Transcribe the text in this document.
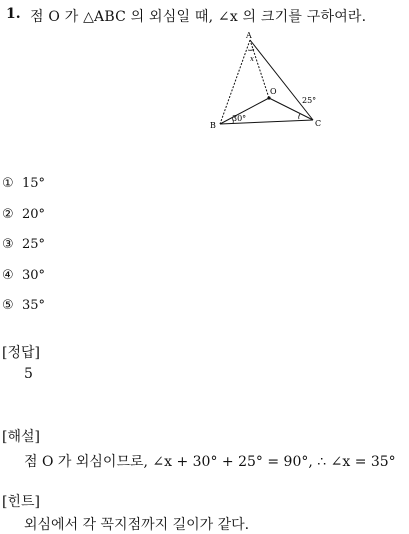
1. 점 O 가 △ABC 의 외심일 때, ∠x 의 크기를 구하여라.
A
B	C
O
x
30°
25°
① 15°
② 20°
③ 25°
④ 30°
⑤ 35°
[정답]
5
[해설]
점 O 가 외심이므로, ∠x + 30° + 25° = 90°, ∴ ∠x = 35°
[힌트]
외심에서 각 꼭지점까지 길이가 같다.
